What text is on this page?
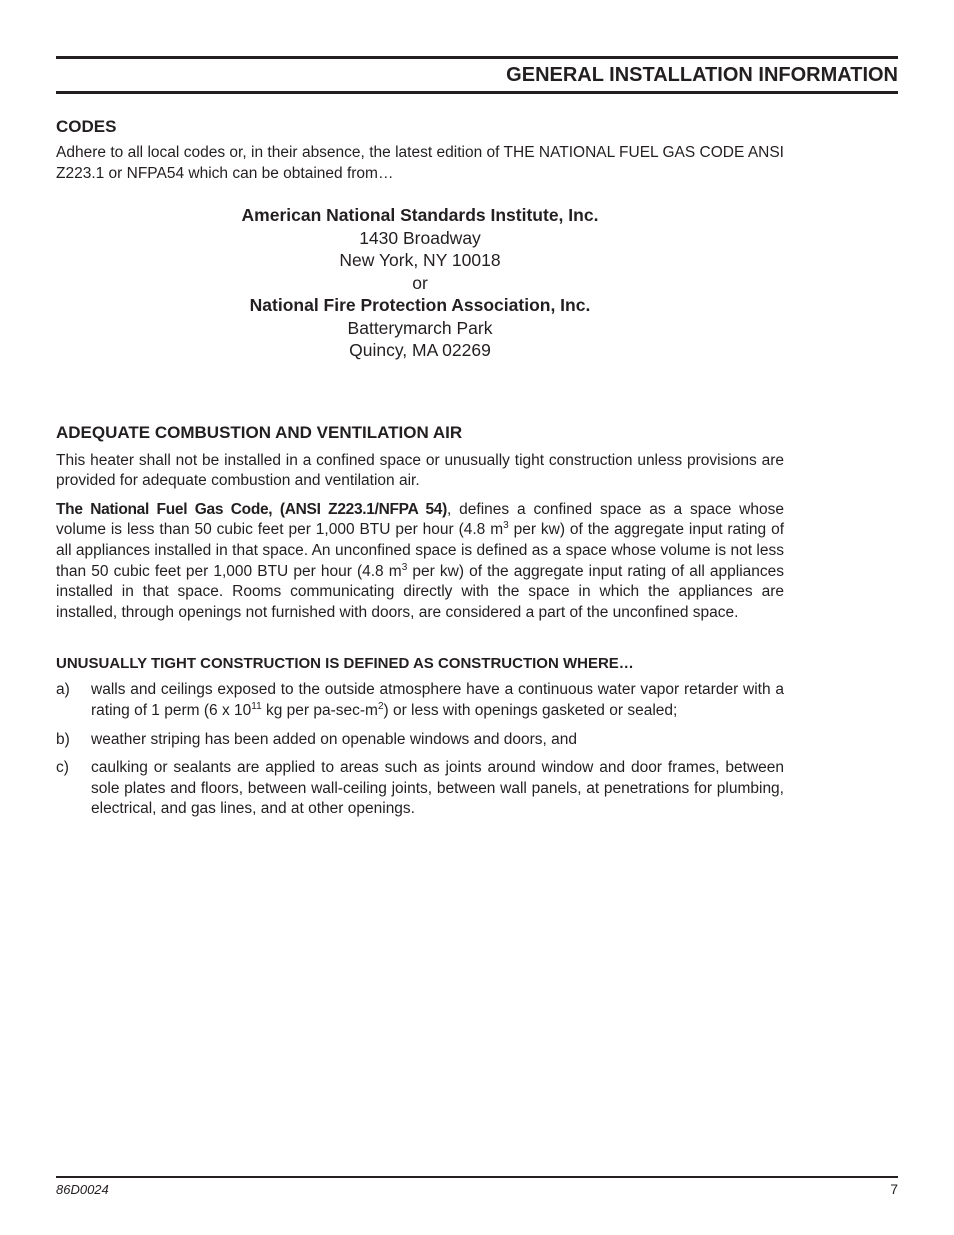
GENERAL INSTALLATION INFORMATION
CODES

Adhere to all local codes or, in their absence, the latest edition of THE NATIONAL FUEL GAS CODE ANSI Z223.1 or NFPA54 which can be obtained from…

American National Standards Institute, Inc.
1430 Broadway
New York, NY 10018
or
National Fire Protection Association, Inc.
Batterymarch Park
Quincy, MA 02269
ADEQUATE COMBUSTION AND VENTILATION AIR

This heater shall not be installed in a confined space or unusually tight construction unless provisions are provided for adequate combustion and ventilation air.

The National Fuel Gas Code, (ANSI Z223.1/NFPA 54), defines a confined space as a space whose volume is less than 50 cubic feet per 1,000 BTU per hour (4.8 $m^3$ per kw) of the aggregate input rating of all appliances installed in that space. An unconfined space is defined as a space whose volume is not less than 50 cubic feet per 1,000 BTU per hour (4.8 $m^3$ per kw) of the aggregate input rating of all appliances installed in that space. Rooms communicating directly with the space in which the appliances are installed, through openings not furnished with doors, are considered a part of the unconfined space.

UNUSUALLY TIGHT CONSTRUCTION IS DEFINED AS CONSTRUCTION WHERE…
a)	walls and ceilings exposed to the outside atmosphere have a continuous water vapor retarder with a rating of 1 perm (6 x $10^{11}$ kg per $pa-\sec-m^2$) or less with openings gasketed or sealed;

b)	weather striping has been added on openable windows and doors, and

c)	caulking or sealants are applied to areas such as joints around window and door frames, between sole plates and floors, between wall-ceiling joints, between wall panels, at penetrations for plumbing, electrical, and gas lines, and at other openings.

86D0024	7
